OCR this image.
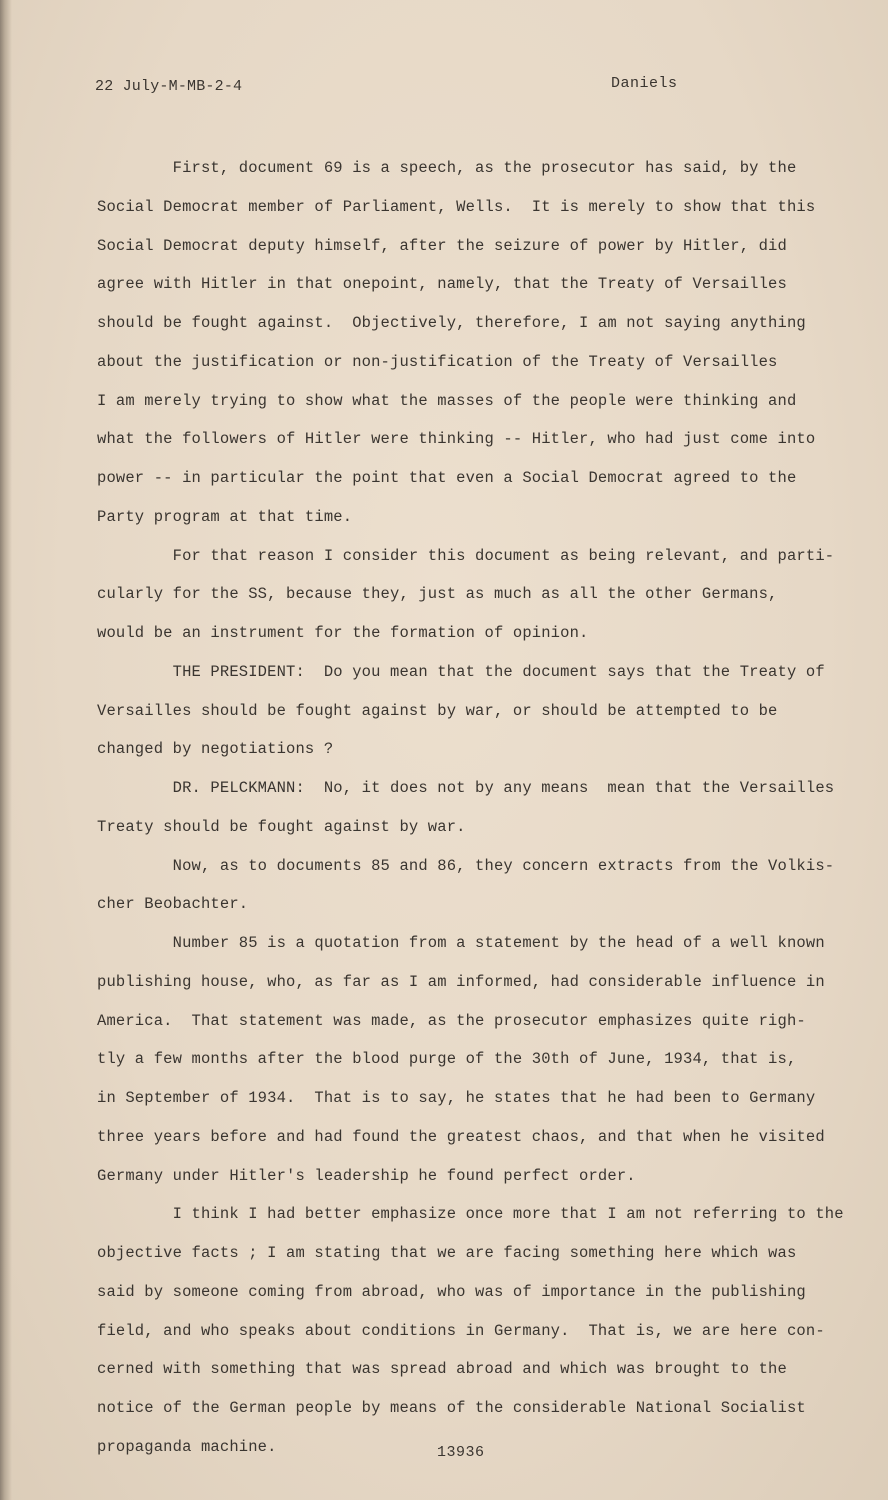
22 July-M-MB-2-4	Daniels
First, document 69 is a speech, as the prosecutor has said, by the
Social Democrat member of Parliament, Wells.  It is merely to show that this
Social Democrat deputy himself, after the seizure of power by Hitler, did
agree with Hitler in that onepoint, namely, that the Treaty of Versailles
should be fought against.  Objectively, therefore, I am not saying anything
about the justification or non-justification of the Treaty of Versailles
I am merely trying to show what the masses of the people were thinking and
what the followers of Hitler were thinking -- Hitler, who had just come into
power -- in particular the point that even a Social Democrat agreed to the
Party program at that time.
For that reason I consider this document as being relevant, and parti-
cularly for the SS, because they, just as much as all the other Germans,
would be an instrument for the formation of opinion.
THE PRESIDENT:  Do you mean that the document says that the Treaty of
Versailles should be fought against by war, or should be attempted to be
changed by negotiations ?
DR. PELCKMANN:  No, it does not by any means  mean that the Versailles
Treaty should be fought against by war.
Now, as to documents 85 and 86, they concern extracts from the Volkis-
cher Beobachter.
Number 85 is a quotation from a statement by the head of a well known
publishing house, who, as far as I am informed, had considerable influence in
America.  That statement was made, as the prosecutor emphasizes quite righ-
tly a few months after the blood purge of the 30th of June, 1934, that is,
in September of 1934.  That is to say, he states that he had been to Germany
three years before and had found the greatest chaos, and that when he visited
Germany under Hitler's leadership he found perfect order.
I think I had better emphasize once more that I am not referring to the
objective facts ; I am stating that we are facing something here which was
said by someone coming from abroad, who was of importance in the publishing
field, and who speaks about conditions in Germany.  That is, we are here con-
cerned with something that was spread abroad and which was brought to the
notice of the German people by means of the considerable National Socialist
propaganda machine.	13936
